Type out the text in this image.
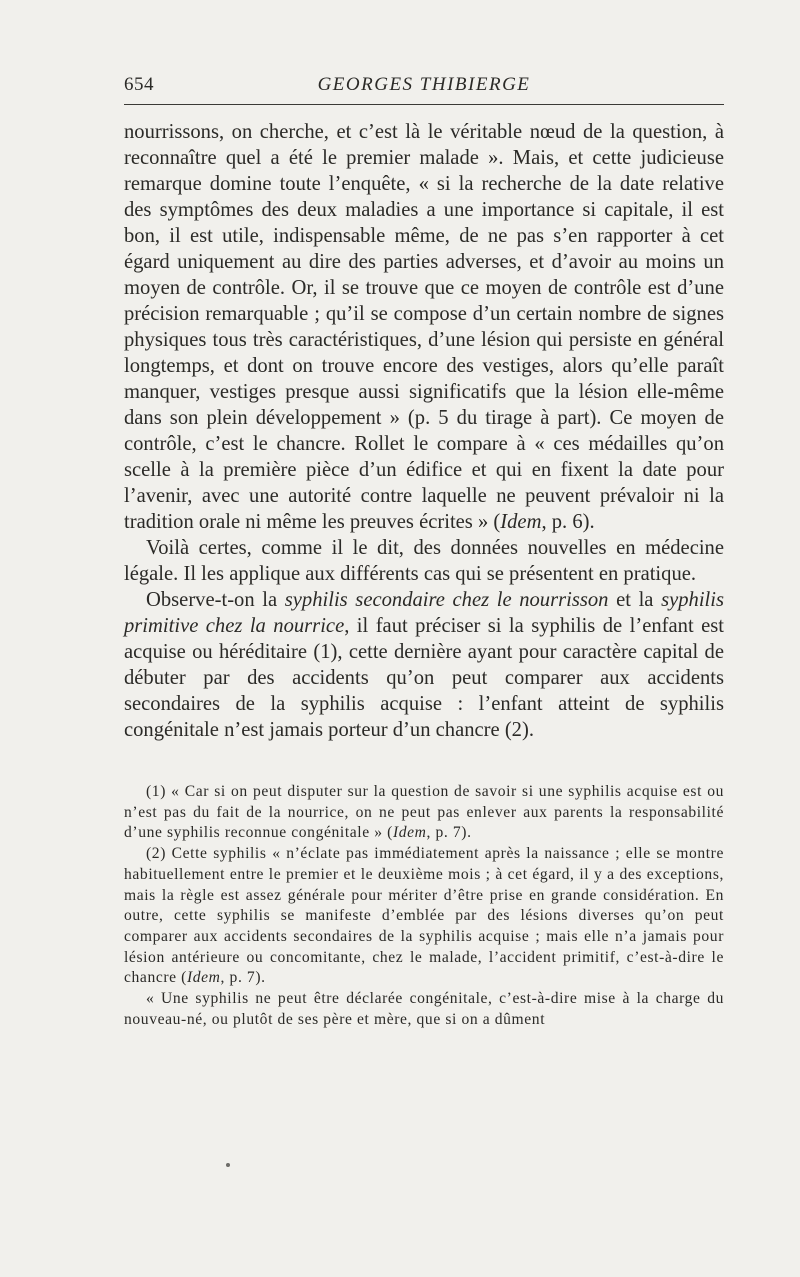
654	GEORGES THIBIERGE

nourrissons, on cherche, et c’est là le véritable nœud de la question, à reconnaître quel a été le premier malade ». Mais, et cette judicieuse remarque domine toute l’enquête, « si la recherche de la date relative des symptômes des deux maladies a une importance si capitale, il est bon, il est utile, indispensable même, de ne pas s’en rapporter à cet égard uniquement au dire des parties adverses, et d’avoir au moins un moyen de contrôle. Or, il se trouve que ce moyen de contrôle est d’une précision remarquable ; qu’il se compose d’un certain nombre de signes physiques tous très caractéristiques, d’une lésion qui persiste en général longtemps, et dont on trouve encore des vestiges, alors qu’elle paraît manquer, vestiges presque aussi significatifs que la lésion elle-même dans son plein développement » (p. 5 du tirage à part). Ce moyen de contrôle, c’est le chancre. Rollet le compare à « ces médailles qu’on scelle à la première pièce d’un édifice et qui en fixent la date pour l’avenir, avec une autorité contre laquelle ne peuvent prévaloir ni la tradition orale ni même les preuves écrites » (Idem, p. 6).

Voilà certes, comme il le dit, des données nouvelles en médecine légale. Il les applique aux différents cas qui se présentent en pratique.

Observe-t-on la syphilis secondaire chez le nourrisson et la syphilis primitive chez la nourrice, il faut préciser si la syphilis de l’enfant est acquise ou héréditaire (1), cette dernière ayant pour caractère capital de débuter par des accidents qu’on peut comparer aux accidents secondaires de la syphilis acquise : l’enfant atteint de syphilis congénitale n’est jamais porteur d’un chancre (2).

(1) « Car si on peut disputer sur la question de savoir si une syphilis acquise est ou n’est pas du fait de la nourrice, on ne peut pas enlever aux parents la responsabilité d’une syphilis reconnue congénitale » (Idem, p. 7).

(2) Cette syphilis « n’éclate pas immédiatement après la naissance ; elle se montre habituellement entre le premier et le deuxième mois ; à cet égard, il y a des exceptions, mais la règle est assez générale pour mériter d’être prise en grande considération. En outre, cette syphilis se manifeste d’emblée par des lésions diverses qu’on peut comparer aux accidents secondaires de la syphilis acquise ; mais elle n’a jamais pour lésion antérieure ou concomitante, chez le malade, l’accident primitif, c’est-à-dire le chancre (Idem, p. 7).

« Une syphilis ne peut être déclarée congénitale, c’est-à-dire mise à la charge du nouveau-né, ou plutôt de ses père et mère, que si on a dûment
